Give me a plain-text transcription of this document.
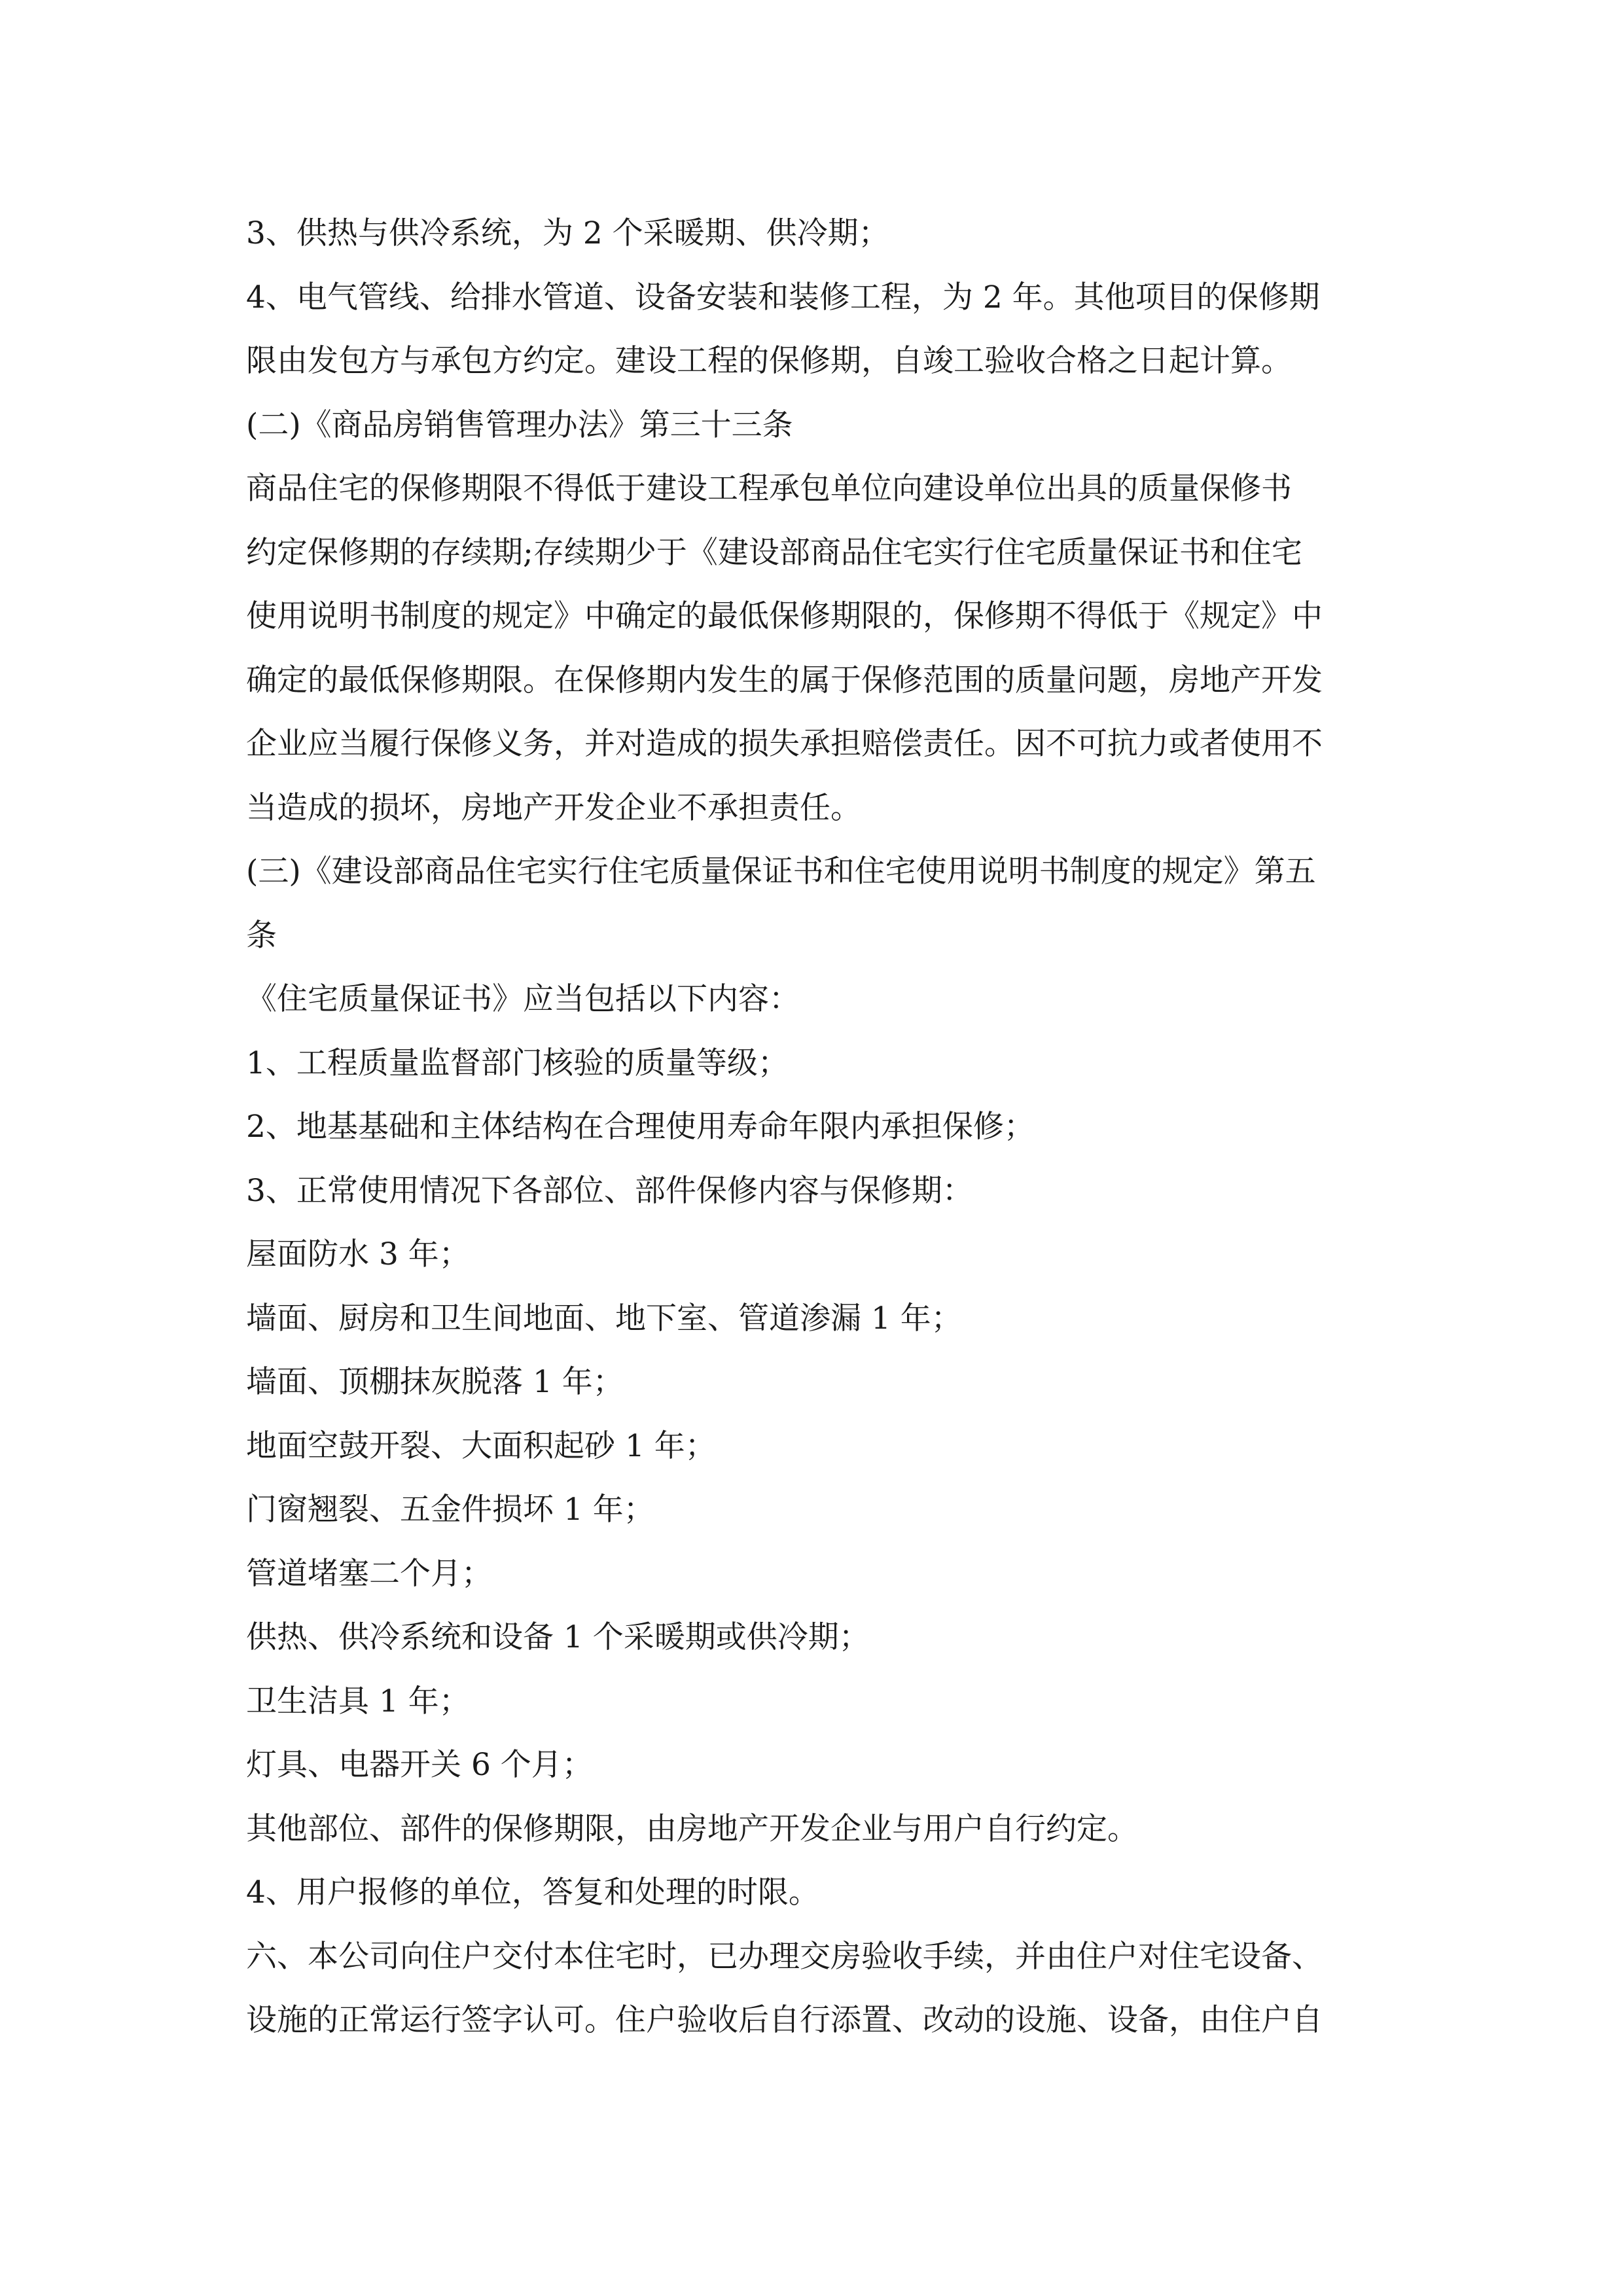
3、供热与供冷系统，为 2 个采暖期、供冷期；

4、电气管线、给排水管道、设备安装和装修工程，为 2 年。其他项目的保修期

限由发包方与承包方约定。建设工程的保修期，自竣工验收合格之日起计算。

(二)《商品房销售管理办法》第三十三条

商品住宅的保修期限不得低于建设工程承包单位向建设单位出具的质量保修书

约定保修期的存续期;存续期少于《建设部商品住宅实行住宅质量保证书和住宅

使用说明书制度的规定》中确定的最低保修期限的，保修期不得低于《规定》中

确定的最低保修期限。在保修期内发生的属于保修范围的质量问题，房地产开发

企业应当履行保修义务，并对造成的损失承担赔偿责任。因不可抗力或者使用不

当造成的损坏，房地产开发企业不承担责任。

(三)《建设部商品住宅实行住宅质量保证书和住宅使用说明书制度的规定》第五

条

《住宅质量保证书》应当包括以下内容：

1、工程质量监督部门核验的质量等级；

2、地基基础和主体结构在合理使用寿命年限内承担保修；

3、正常使用情况下各部位、部件保修内容与保修期：

屋面防水 3 年；

墙面、厨房和卫生间地面、地下室、管道渗漏 1 年；

墙面、顶棚抹灰脱落 1 年；

地面空鼓开裂、大面积起砂 1 年；

门窗翘裂、五金件损坏 1 年；

管道堵塞二个月；

供热、供冷系统和设备 1 个采暖期或供冷期；

卫生洁具 1 年；

灯具、电器开关 6 个月；

其他部位、部件的保修期限，由房地产开发企业与用户自行约定。

4、用户报修的单位，答复和处理的时限。

六、本公司向住户交付本住宅时，已办理交房验收手续，并由住户对住宅设备、

设施的正常运行签字认可。住户验收后自行添置、改动的设施、设备，由住户自
